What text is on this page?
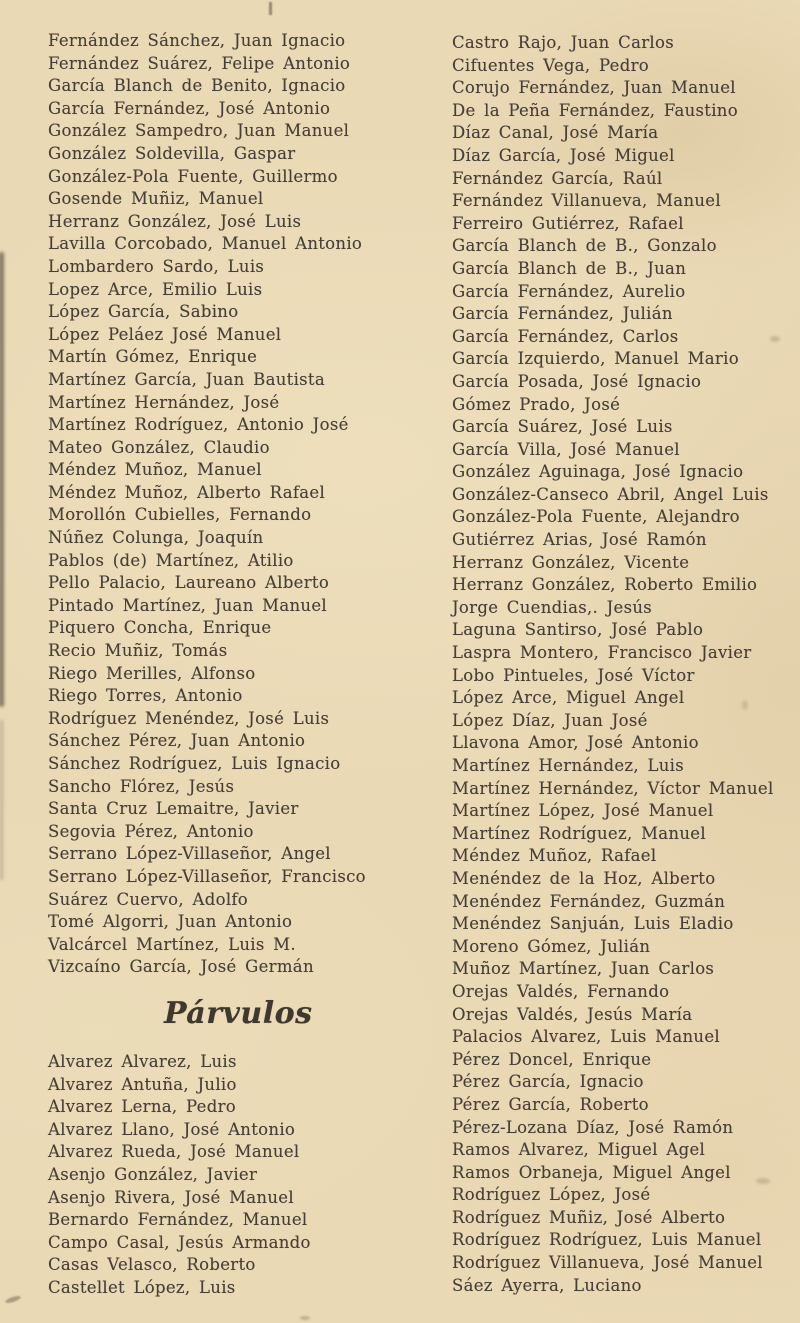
Fernández Sánchez, Juan Ignacio
Fernández Suárez, Felipe Antonio
García Blanch de Benito, Ignacio
García Fernández, José Antonio
González Sampedro, Juan Manuel
González Soldevilla, Gaspar
González-Pola Fuente, Guillermo
Gosende Muñiz, Manuel
Herranz González, José Luis
Lavilla Corcobado, Manuel Antonio
Lombardero Sardo, Luis
Lopez Arce, Emilio Luis
López García, Sabino
López Peláez José Manuel
Martín Gómez, Enrique
Martínez García, Juan Bautista
Martínez Hernández, José
Martínez Rodríguez, Antonio José
Mateo González, Claudio
Méndez Muñoz, Manuel
Méndez Muñoz, Alberto Rafael
Morollón Cubielles, Fernando
Núñez Colunga, Joaquín
Pablos (de) Martínez, Atilio
Pello Palacio, Laureano Alberto
Pintado Martínez, Juan Manuel
Piquero Concha, Enrique
Recio Muñiz, Tomás
Riego Merilles, Alfonso
Riego Torres, Antonio
Rodríguez Menéndez, José Luis
Sánchez Pérez, Juan Antonio
Sánchez Rodríguez, Luis Ignacio
Sancho Flórez, Jesús
Santa Cruz Lemaitre, Javier
Segovia Pérez, Antonio
Serrano López-Villaseñor, Angel
Serrano López-Villaseñor, Francisco
Suárez Cuervo, Adolfo
Tomé Algorri, Juan Antonio
Valcárcel Martínez, Luis M.
Vizcaíno García, José Germán
Párvulos
Alvarez Alvarez, Luis
Alvarez Antuña, Julio
Alvarez Lerna, Pedro
Alvarez Llano, José Antonio
Alvarez Rueda, José Manuel
Asenjo González, Javier
Asenjo Rivera, José Manuel
Bernardo Fernández, Manuel
Campo Casal, Jesús Armando
Casas Velasco, Roberto
Castellet López, Luis
Castro Rajo, Juan Carlos
Cifuentes Vega, Pedro
Corujo Fernández, Juan Manuel
De la Peña Fernández, Faustino
Díaz Canal, José María
Díaz García, José Miguel
Fernández García, Raúl
Fernández Villanueva, Manuel
Ferreiro Gutiérrez, Rafael
García Blanch de B., Gonzalo
García Blanch de B., Juan
García Fernández, Aurelio
García Fernández, Julián
García Fernández, Carlos
García Izquierdo, Manuel Mario
García Posada, José Ignacio
Gómez Prado, José
García Suárez, José Luis
García Villa, José Manuel
González Aguinaga, José Ignacio
González-Canseco Abril, Angel Luis
González-Pola Fuente, Alejandro
Gutiérrez Arias, José Ramón
Herranz González, Vicente
Herranz González, Roberto Emilio
Jorge Cuendias,. Jesús
Laguna Santirso, José Pablo
Laspra Montero, Francisco Javier
Lobo Pintueles, José Víctor
López Arce, Miguel Angel
López Díaz, Juan José
Llavona Amor, José Antonio
Martínez Hernández, Luis
Martínez Hernández, Víctor Manuel
Martínez López, José Manuel
Martínez Rodríguez, Manuel
Méndez Muñoz, Rafael
Menéndez de la Hoz, Alberto
Menéndez Fernández, Guzmán
Menéndez Sanjuán, Luis Eladio
Moreno Gómez, Julián
Muñoz Martínez, Juan Carlos
Orejas Valdés, Fernando
Orejas Valdés, Jesús María
Palacios Alvarez, Luis Manuel
Pérez Doncel, Enrique
Pérez García, Ignacio
Pérez García, Roberto
Pérez-Lozana Díaz, José Ramón
Ramos Alvarez, Miguel Agel
Ramos Orbaneja, Miguel Angel
Rodríguez López, José
Rodríguez Muñiz, José Alberto
Rodríguez Rodríguez, Luis Manuel
Rodríguez Villanueva, José Manuel
Sáez Ayerra, Luciano
